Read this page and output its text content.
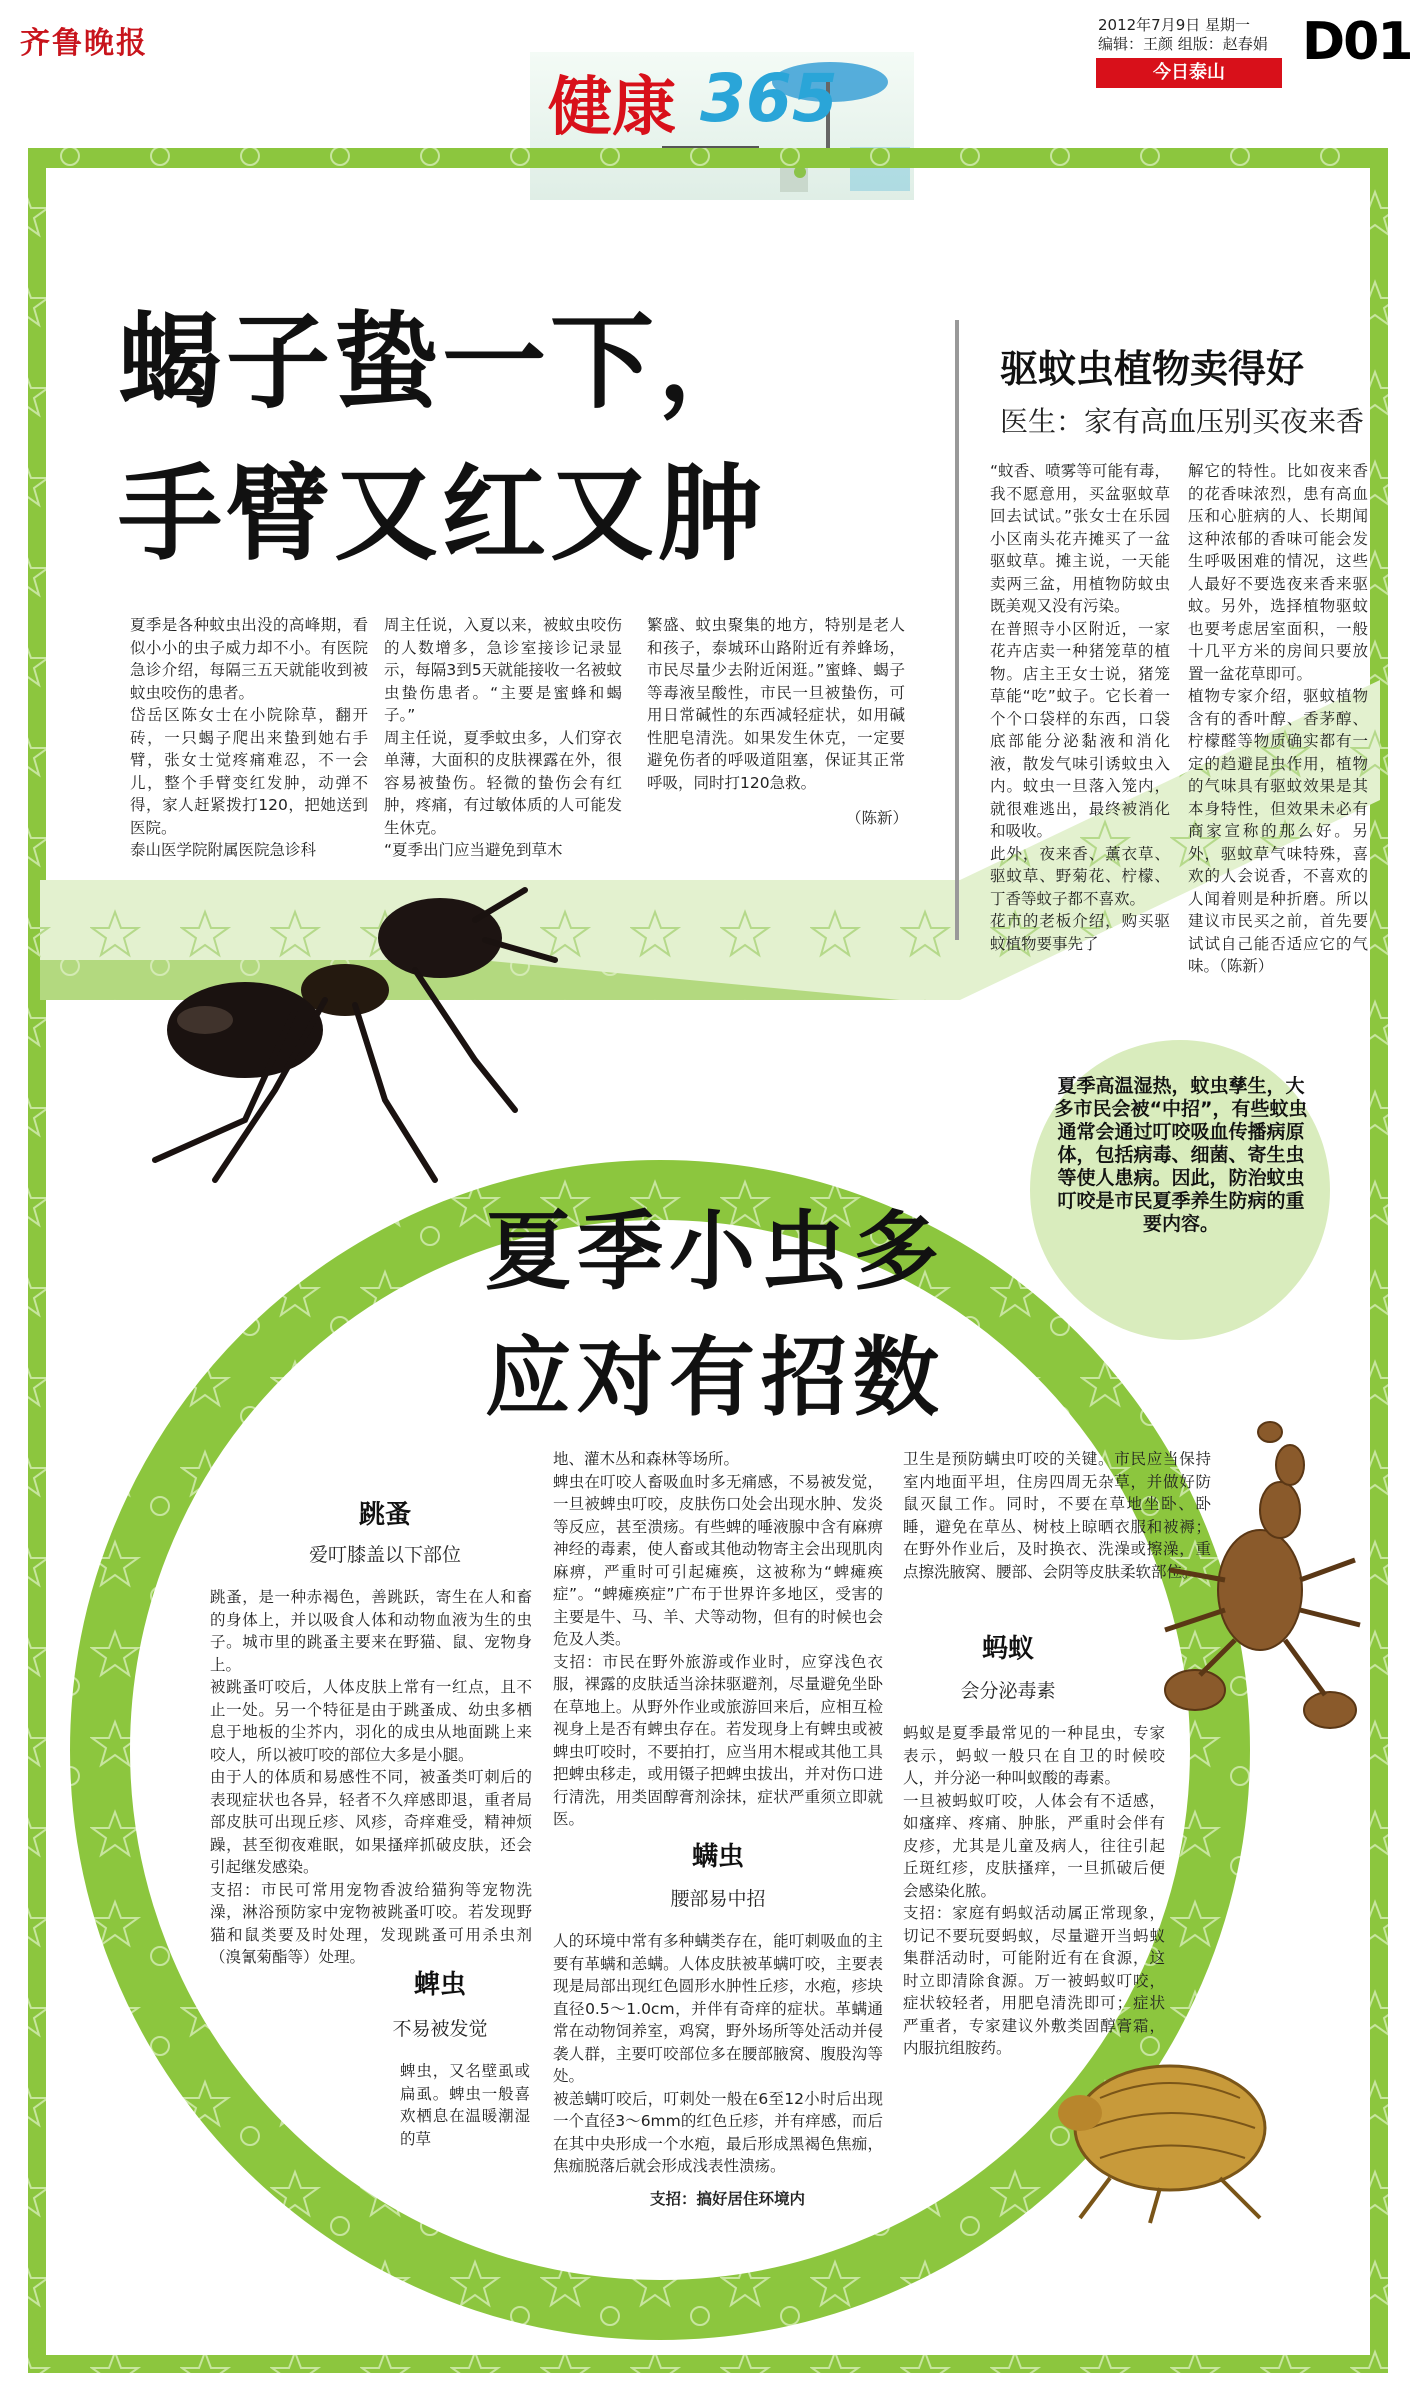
齐鲁晚报
2012年7月9日 星期一
编辑：王颜 组版：赵春娟 D01
今日泰山
健康 365
蝎子蛰一下，
手臂又红又肿
夏季是各种蚊虫出没的高峰期，看似小小的虫子威力却不小。有医院急诊介绍，每隔三五天就能收到被蚊虫咬伤的患者。
岱岳区陈女士在小院除草，翻开砖，一只蝎子爬出来蛰到她右手臂，张女士觉疼痛难忍，不一会儿，整个手臂变红发肿，动弹不得，家人赶紧拨打120，把她送到医院。
泰山医学院附属医院急诊科
周主任说，入夏以来，被蚊虫咬伤的人数增多，急诊室接诊记录显示，每隔3到5天就能接收一名被蚊虫蛰伤患者。“主要是蜜蜂和蝎子。”
周主任说，夏季蚊虫多，人们穿衣单薄，大面积的皮肤裸露在外，很容易被蛰伤。轻微的蛰伤会有红肿，疼痛，有过敏体质的人可能发生休克。
“夏季出门应当避免到草木
繁盛、蚊虫聚集的地方，特别是老人和孩子，泰城环山路附近有养蜂场，市民尽量少去附近闲逛。”蜜蜂、蝎子等毒液呈酸性，市民一旦被蛰伤，可用日常碱性的东西减轻症状，如用碱性肥皂清洗。如果发生休克，一定要避免伤者的呼吸道阻塞，保证其正常呼吸，同时打120急救。
（陈新）
驱蚊虫植物卖得好
医生：家有高血压别买夜来香
“蚊香、喷雾等可能有毒，我不愿意用，买盆驱蚊草回去试试。”张女士在乐园小区南头花卉摊买了一盆驱蚊草。摊主说，一天能卖两三盆，用植物防蚊虫既美观又没有污染。
在普照寺小区附近，一家花卉店卖一种猪笼草的植物。店主王女士说，猪笼草能“吃”蚊子。它长着一个个口袋样的东西，口袋底部能分泌黏液和消化液，散发气味引诱蚊虫入内。蚊虫一旦落入笼内，就很难逃出，最终被消化和吸收。
此外，夜来香、薰衣草、驱蚊草、野菊花、柠檬、丁香等蚊子都不喜欢。
花市的老板介绍，购买驱蚊植物要事先了
解它的特性。比如夜来香的花香味浓烈，患有高血压和心脏病的人、长期闻这种浓郁的香味可能会发生呼吸困难的情况，这些人最好不要选夜来香来驱蚊。另外，选择植物驱蚊也要考虑居室面积，一般十几平方米的房间只要放置一盆花草即可。
植物专家介绍，驱蚊植物含有的香叶醇、香茅醇、柠檬醛等物质确实都有一定的趋避昆虫作用，植物的气味具有驱蚊效果是其本身特性，但效果未必有商家宣称的那么好。另外，驱蚊草气味特殊，喜欢的人会说香，不喜欢的人闻着则是种折磨。所以建议市民买之前，首先要试试自己能否适应它的气味。（陈新）
夏季高温湿热，蚊虫孳生，大多市民会被“中招”，有些蚊虫通常会通过叮咬吸血传播病原体，包括病毒、细菌、寄生虫等使人患病。因此，防治蚊虫叮咬是市民夏季养生防病的重要内容。
夏季小虫多
应对有招数
跳蚤
爱叮膝盖以下部位
跳蚤，是一种赤褐色，善跳跃，寄生在人和畜的身体上，并以吸食人体和动物血液为生的虫子。城市里的跳蚤主要来在野猫、鼠、宠物身上。
被跳蚤叮咬后，人体皮肤上常有一红点，且不止一处。另一个特征是由于跳蚤成、幼虫多栖息于地板的尘芥内，羽化的成虫从地面跳上来咬人，所以被叮咬的部位大多是小腿。
由于人的体质和易感性不同，被蚤类叮刺后的表现症状也各异，轻者不久痒感即退，重者局部皮肤可出现丘疹、风疹，奇痒难受，精神烦躁，甚至彻夜难眠，如果搔痒抓破皮肤，还会引起继发感染。
支招：市民可常用宠物香波给猫狗等宠物洗澡，淋浴预防家中宠物被跳蚤叮咬。若发现野猫和鼠类要及时处理，发现跳蚤可用杀虫剂（溴氰菊酯等）处理。
蜱虫
不易被发觉
蜱虫，又名壁虱或扁虱。蜱虫一般喜欢栖息在温暖潮湿的草
地、灌木丛和森林等场所。
蜱虫在叮咬人畜吸血时多无痛感，不易被发觉，一旦被蜱虫叮咬，皮肤伤口处会出现水肿、发炎等反应，甚至溃疡。有些蜱的唾液腺中含有麻痹神经的毒素，使人畜或其他动物寄主会出现肌肉麻痹，严重时可引起瘫痪，这被称为“蜱瘫痪症”。“蜱瘫痪症”广布于世界许多地区，受害的主要是牛、马、羊、犬等动物，但有的时候也会危及人类。
支招：市民在野外旅游或作业时，应穿浅色衣服，裸露的皮肤适当涂抹驱避剂，尽量避免坐卧在草地上。从野外作业或旅游回来后，应相互检视身上是否有蜱虫存在。若发现身上有蜱虫或被蜱虫叮咬时，不要拍打，应当用木棍或其他工具把蜱虫移走，或用镊子把蜱虫拔出，并对伤口进行清洗，用类固醇膏剂涂抹，症状严重须立即就医。
螨虫
腰部易中招
人的环境中常有多种螨类存在，能叮刺吸血的主要有革螨和恙螨。人体皮肤被革螨叮咬，主要表现是局部出现红色圆形水肿性丘疹，水疱，疹块直径0.5～1.0cm，并伴有奇痒的症状。革螨通常在动物饲养室，鸡窝，野外场所等处活动并侵袭人群，主要叮咬部位多在腰部腋窝、腹股沟等处。
被恙螨叮咬后，叮刺处一般在6至12小时后出现一个直径3～6mm的红色丘疹，并有痒感，而后在其中央形成一个水疱，最后形成黑褐色焦痂，焦痂脱落后就会形成浅表性溃疡。
支招：搞好居住环境内
卫生是预防螨虫叮咬的关键。市民应当保持室内地面平坦，住房四周无杂草，并做好防鼠灭鼠工作。同时，不要在草地坐卧、卧睡，避免在草丛、树枝上晾晒衣服和被褥；在野外作业后，及时换衣、洗澡或擦澡，重点擦洗腋窝、腰部、会阴等皮肤柔软部位。
蚂蚁
会分泌毒素
蚂蚁是夏季最常见的一种昆虫，专家表示，蚂蚁一般只在自卫的时候咬人，并分泌一种叫蚁酸的毒素。
一旦被蚂蚁叮咬，人体会有不适感，如瘙痒、疼痛、肿胀，严重时会伴有皮疹，尤其是儿童及病人，往往引起丘斑红疹，皮肤搔痒，一旦抓破后便会感染化脓。
支招：家庭有蚂蚁活动属正常现象，切记不要玩耍蚂蚁，尽量避开当蚂蚁集群活动时，可能附近有在食源，这时立即清除食源。万一被蚂蚁叮咬，症状较轻者，用肥皂清洗即可；症状严重者，专家建议外敷类固醇膏霜，内服抗组胺药。
